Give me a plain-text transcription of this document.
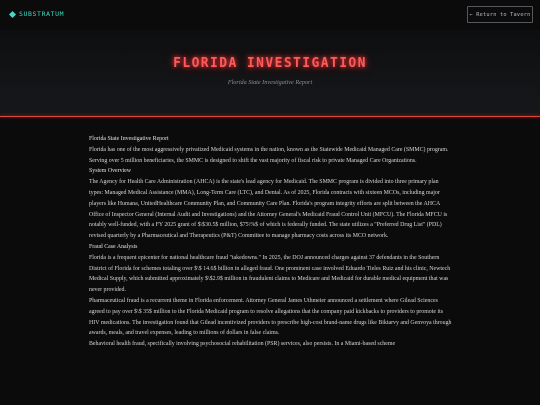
SUBSTRATUM	← Return to Tavern
FLORIDA INVESTIGATION
Florida State Investigative Report

Florida State Investigative Report

Florida has one of the most aggressively privatized Medicaid systems in the nation, known as the Statewide Medicaid Managed Care (SMMC) program. Serving over 5 million beneficiaries, the SMMC is designed to shift the vast majority of fiscal risk to private Managed Care Organizations.

System Overview

The Agency for Health Care Administration (AHCA) is the state's lead agency for Medicaid. The SMMC program is divided into three primary plan types: Managed Medical Assistance (MMA), Long-Term Care (LTC), and Dental. As of 2025, Florida contracts with sixteen MCOs, including major players like Humana, UnitedHealthcare Community Plan, and Community Care Plan. Florida's program integrity efforts are split between the AHCA Office of Inspector General (Internal Audit and Investigations) and the Attorney General's Medicaid Fraud Control Unit (MFCU). The Florida MFCU is notably well-funded, with a FY 2025 grant of $\$30.5$ million, $75\%$ of which is federally funded. The state utilizes a "Preferred Drug List" (PDL) revised quarterly by a Pharmaceutical and Therapeutics (P&T) Committee to manage pharmacy costs across its MCO network.

Fraud Case Analysis

Florida is a frequent epicenter for national healthcare fraud "takedowns." In 2025, the DOJ announced charges against 37 defendants in the Southern District of Florida for schemes totaling over $\$ 14.6$ billion in alleged fraud. One prominent case involved Eduardo Tieles Ruiz and his clinic, Newtech Medical Supply, which submitted approximately $\$2.9$ million in fraudulent claims to Medicare and Medicaid for durable medical equipment that was never provided.

Pharmaceutical fraud is a recurrent theme in Florida enforcement. Attorney General James Uthmeier announced a settlement where Gilead Sciences agreed to pay over $\$ 35$ million to the Florida Medicaid program to resolve allegations that the company paid kickbacks to providers to promote its HIV medications. The investigation found that Gilead incentivized providers to prescribe high-cost brand-name drugs like Biktarvy and Genvoya through awards, meals, and travel expenses, leading to millions of dollars in false claims.

Behavioral health fraud, specifically involving psychosocial rehabilitation (PSR) services, also persists. In a Miami-based scheme
